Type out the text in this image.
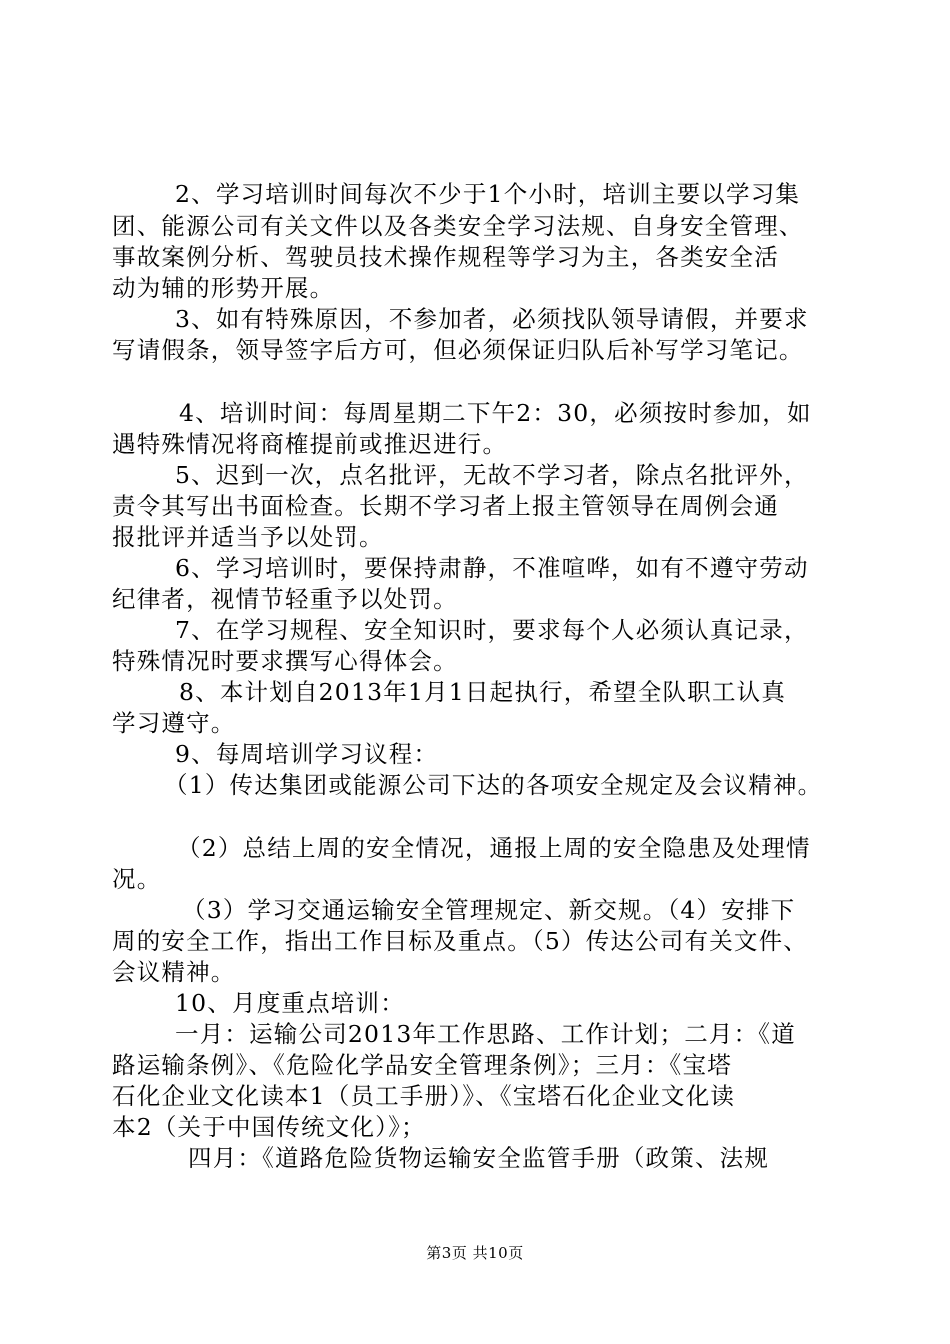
2、学习培训时间每次不少于1个小时，培训主要以学习集
团、能源公司有关文件以及各类安全学习法规、自身安全管理、
事故案例分析、驾驶员技术操作规程等学习为主，各类安全活
动为辅的形势开展。
3、如有特殊原因，不参加者，必须找队领导请假，并要求
写请假条，领导签字后方可，但必须保证归队后补写学习笔记。
4、培训时间：每周星期二下午2：30，必须按时参加，如
遇特殊情况将商榷提前或推迟进行。
5、迟到一次，点名批评，无故不学习者，除点名批评外，
责令其写出书面检查。长期不学习者上报主管领导在周例会通
报批评并适当予以处罚。
6、学习培训时，要保持肃静，不准喧哗，如有不遵守劳动
纪律者，视情节轻重予以处罚。
7、在学习规程、安全知识时，要求每个人必须认真记录，
特殊情况时要求撰写心得体会。
8、本计划自2013年1月1日起执行，希望全队职工认真
学习遵守。
9、每周培训学习议程：
（1）传达集团或能源公司下达的各项安全规定及会议精神。
（2）总结上周的安全情况，通报上周的安全隐患及处理情
况。
（3）学习交通运输安全管理规定、新交规。（4）安排下
周的安全工作，指出工作目标及重点。（5）传达公司有关文件、
会议精神。
10、月度重点培训：
一月：运输公司2013年工作思路、工作计划；二月：《道
路运输条例》、《危险化学品安全管理条例》；三月：《宝塔
石化企业文化读本1（员工手册）》、《宝塔石化企业文化读
本2（关于中国传统文化）》；
四月：《道路危险货物运输安全监管手册（政策、法规
第3页 共10页
